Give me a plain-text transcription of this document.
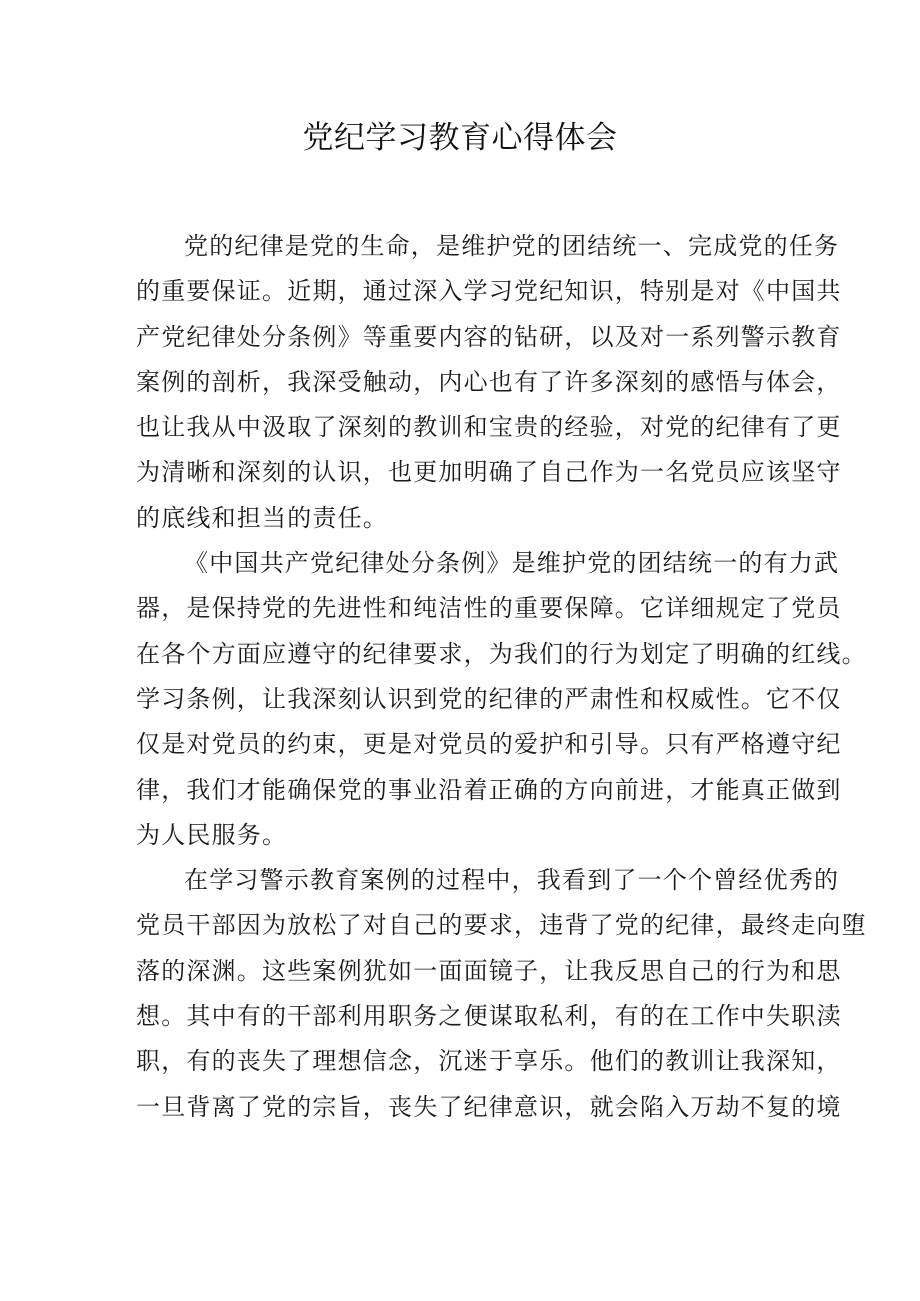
党纪学习教育心得体会
党的纪律是党的生命，是维护党的团结统一、完成党的任务
的重要保证。近期，通过深入学习党纪知识，特别是对《中国共
产党纪律处分条例》等重要内容的钻研，以及对一系列警示教育
案例的剖析，我深受触动，内心也有了许多深刻的感悟与体会，
也让我从中汲取了深刻的教训和宝贵的经验，对党的纪律有了更
为清晰和深刻的认识，也更加明确了自己作为一名党员应该坚守
的底线和担当的责任。
《中国共产党纪律处分条例》是维护党的团结统一的有力武
器，是保持党的先进性和纯洁性的重要保障。它详细规定了党员
在各个方面应遵守的纪律要求，为我们的行为划定了明确的红线。
学习条例，让我深刻认识到党的纪律的严肃性和权威性。它不仅
仅是对党员的约束，更是对党员的爱护和引导。只有严格遵守纪
律，我们才能确保党的事业沿着正确的方向前进，才能真正做到
为人民服务。
在学习警示教育案例的过程中，我看到了一个个曾经优秀的
党员干部因为放松了对自己的要求，违背了党的纪律，最终走向堕
落的深渊。这些案例犹如一面面镜子，让我反思自己的行为和思
想。其中有的干部利用职务之便谋取私利，有的在工作中失职渎
职，有的丧失了理想信念，沉迷于享乐。他们的教训让我深知，
一旦背离了党的宗旨，丧失了纪律意识，就会陷入万劫不复的境
